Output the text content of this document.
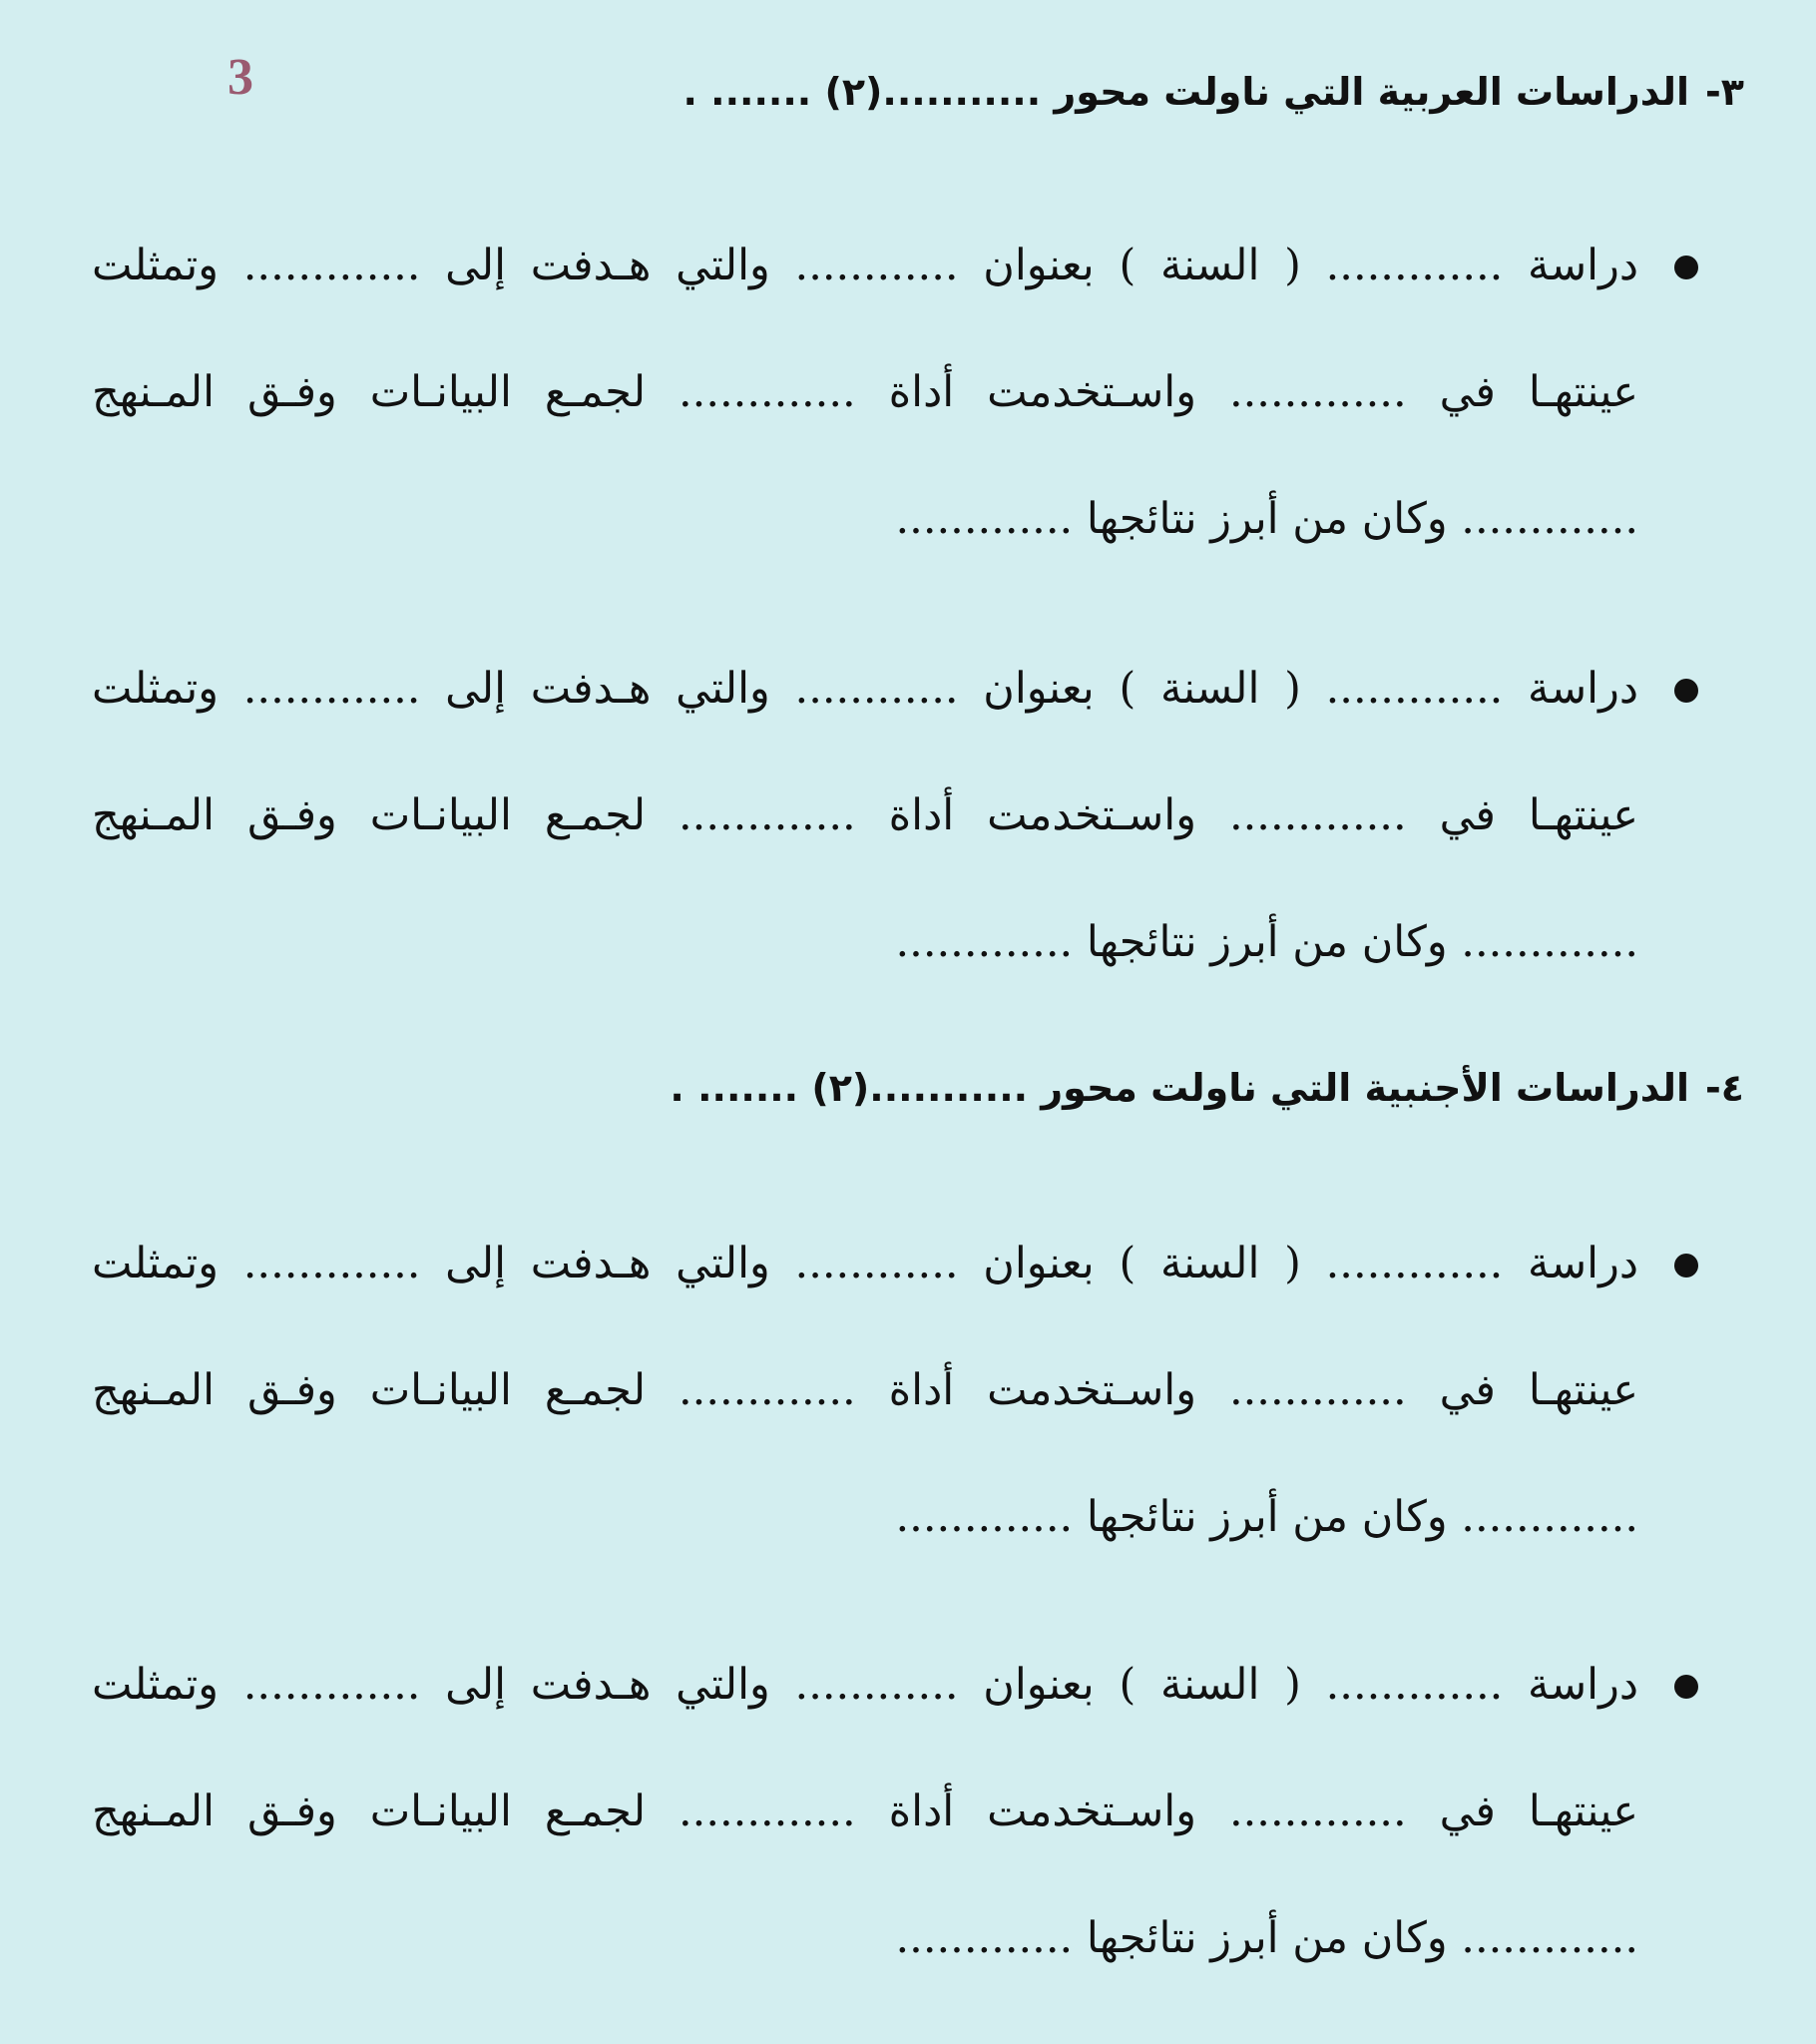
3	٣-الدراسات العربية التي ناولت محور ...........(٢) ....... .
دراسة ............. ( السنة ) بعنوان ............ والتي هـدفت إلى ............. وتمثلت
عينتهـا في ............. واسـتخدمت أداة ............. لجمـع البيانـات وفـق المـنهج
............. وكان من أبرز نتائجها .............
دراسة ............. ( السنة ) بعنوان ............ والتي هـدفت إلى ............. وتمثلت
عينتهـا في ............. واسـتخدمت أداة ............. لجمـع البيانـات وفـق المـنهج
............. وكان من أبرز نتائجها .............
٤-الدراسات الأجنبية التي ناولت محور ...........(٢) ....... .
دراسة ............. ( السنة ) بعنوان ............ والتي هـدفت إلى ............. وتمثلت
عينتهـا في ............. واسـتخدمت أداة ............. لجمـع البيانـات وفـق المـنهج
............. وكان من أبرز نتائجها .............
دراسة ............. ( السنة ) بعنوان ............ والتي هـدفت إلى ............. وتمثلت
عينتهـا في ............. واسـتخدمت أداة ............. لجمـع البيانـات وفـق المـنهج
............. وكان من أبرز نتائجها .............
